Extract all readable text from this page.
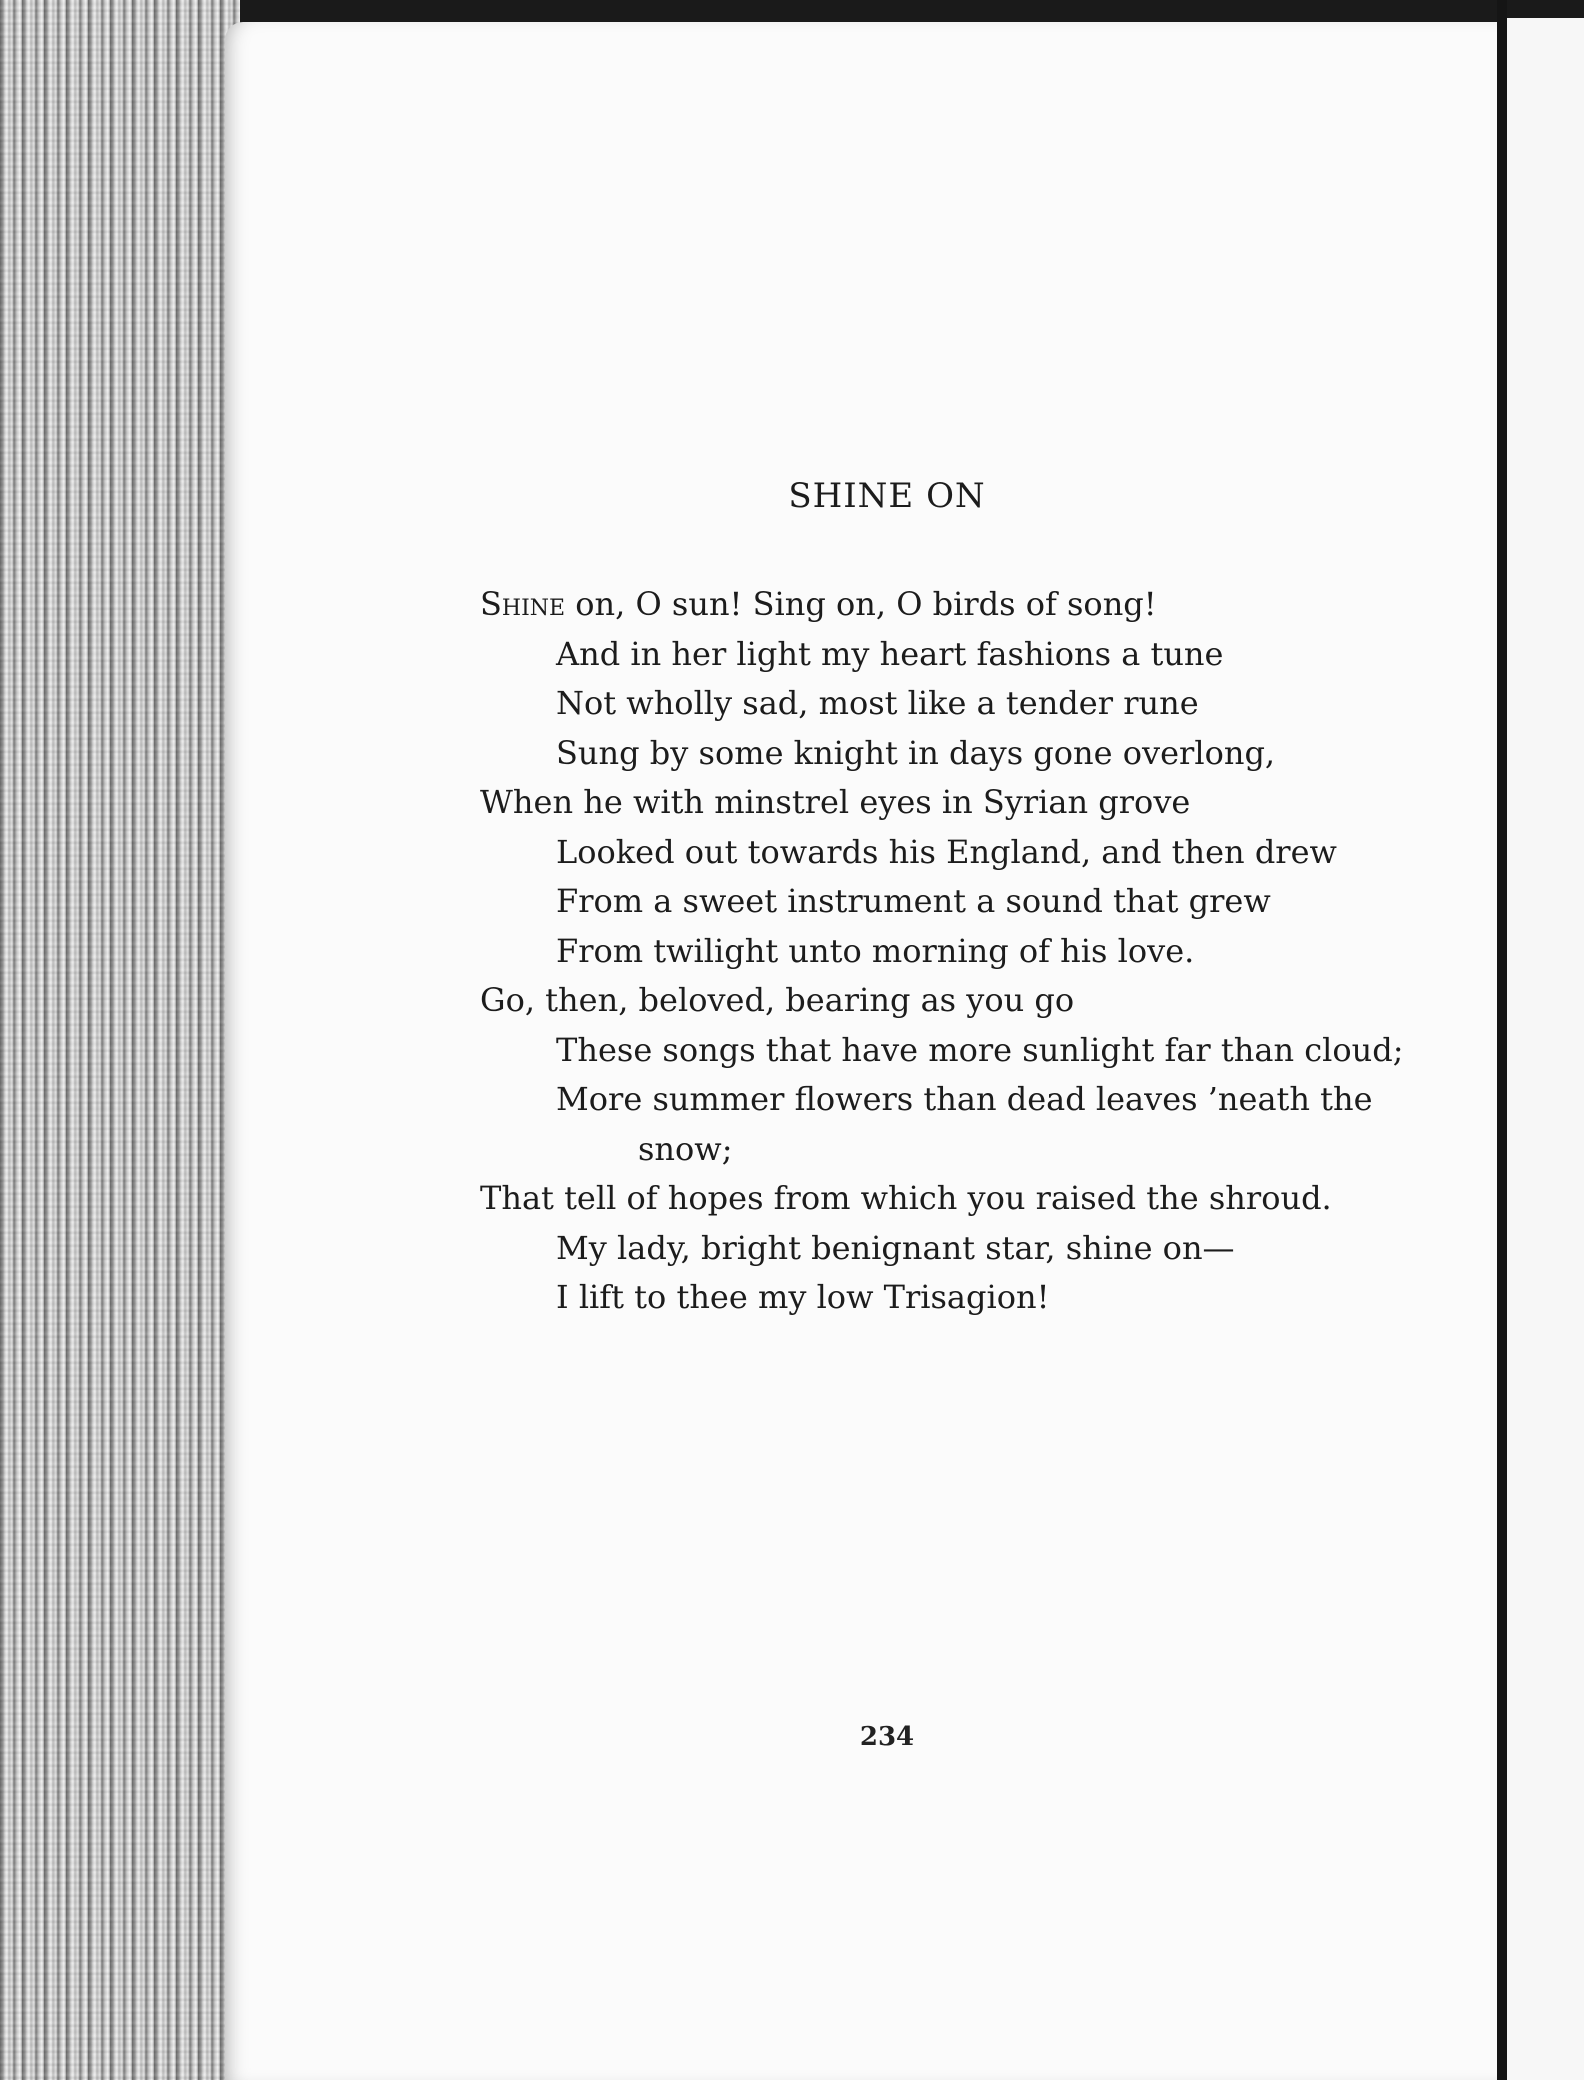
SHINE ON
Shine on, O sun! Sing on, O birds of song!
And in her light my heart fashions a tune
Not wholly sad, most like a tender rune
Sung by some knight in days gone overlong,
When he with minstrel eyes in Syrian grove
Looked out towards his England, and then drew
From a sweet instrument a sound that grew
From twilight unto morning of his love.
Go, then, beloved, bearing as you go
These songs that have more sunlight far than cloud;
More summer flowers than dead leaves ’neath the
snow;
That tell of hopes from which you raised the shroud.
My lady, bright benignant star, shine on—
I lift to thee my low Trisagion!
234
